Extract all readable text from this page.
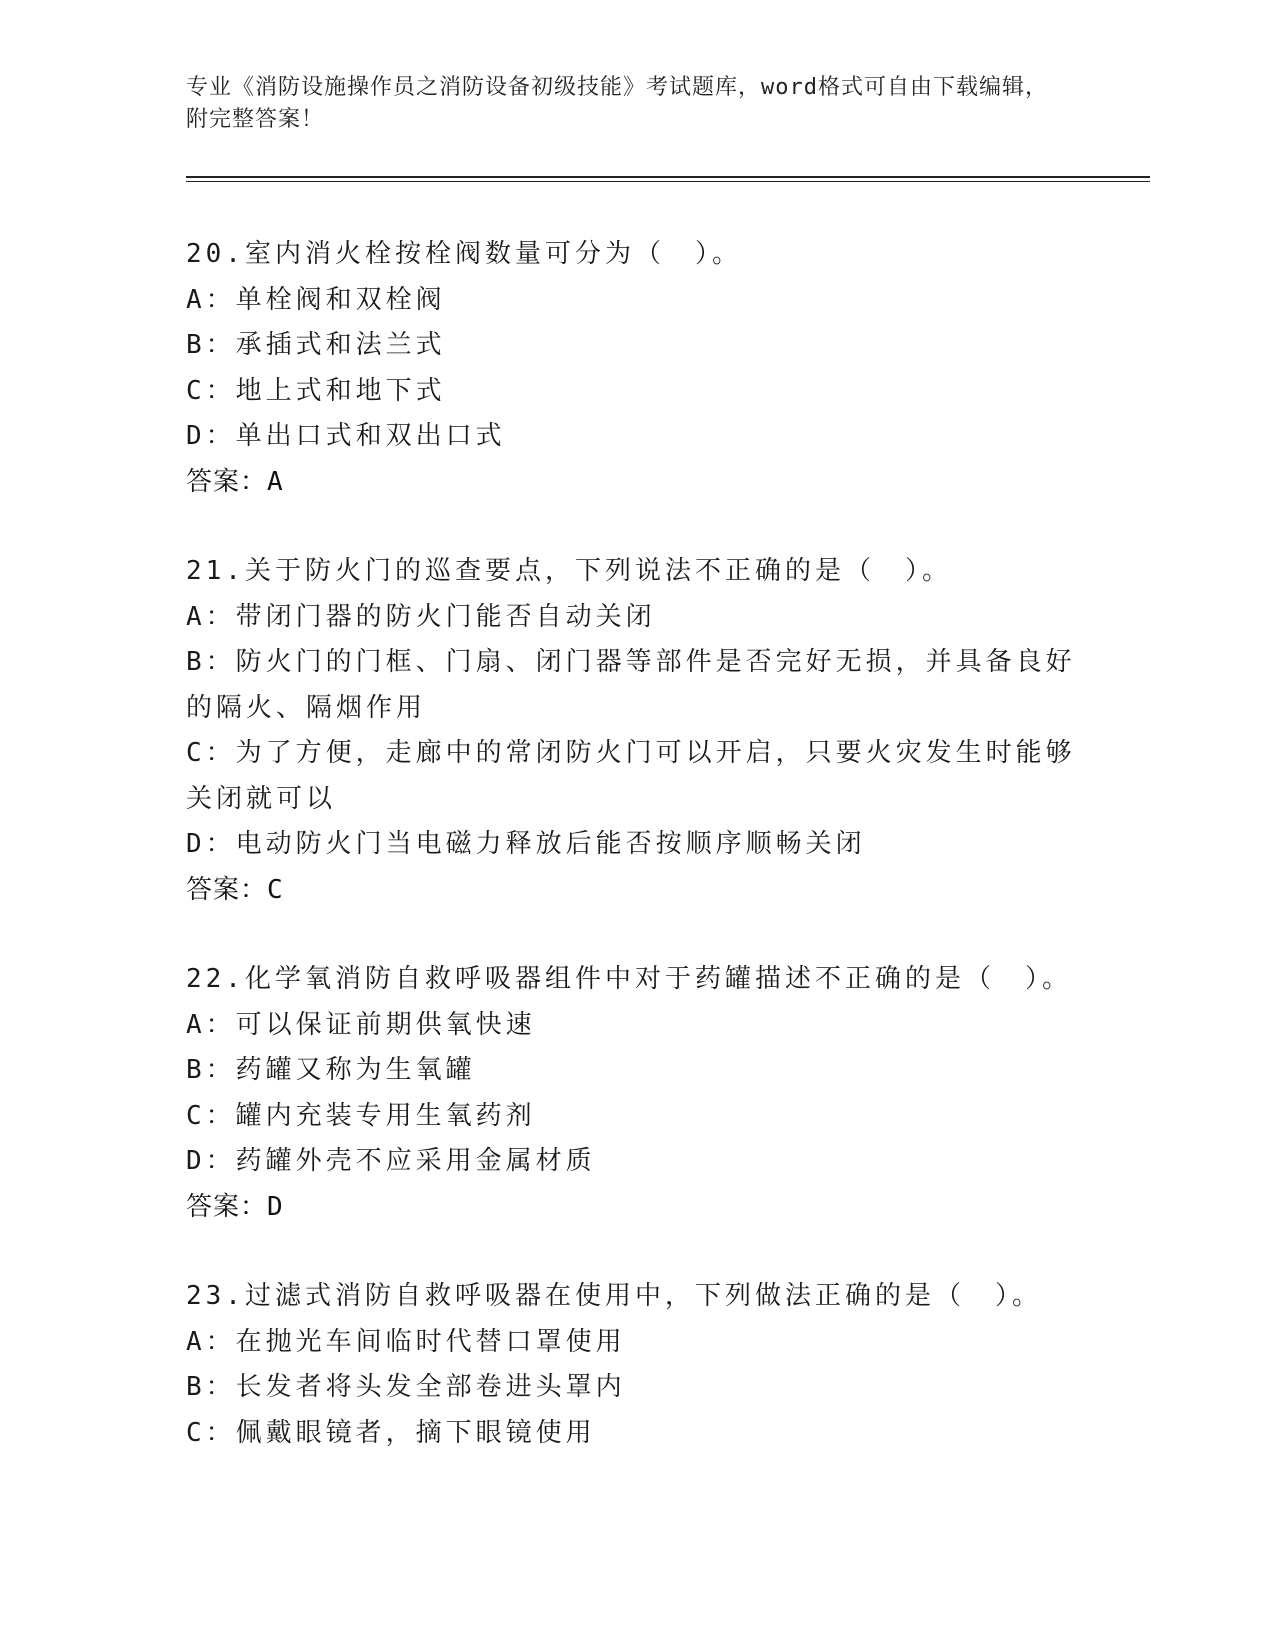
专业《消防设施操作员之消防设备初级技能》考试题库，word格式可自由下载编辑，附完整答案！
20.室内消火栓按栓阀数量可分为（　）。
A：单栓阀和双栓阀
B：承插式和法兰式
C：地上式和地下式
D：单出口式和双出口式
答案：A
21.关于防火门的巡查要点，下列说法不正确的是（　）。
A：带闭门器的防火门能否自动关闭
B：防火门的门框、门扇、闭门器等部件是否完好无损，并具备良好的隔火、隔烟作用
C：为了方便，走廊中的常闭防火门可以开启，只要火灾发生时能够关闭就可以
D：电动防火门当电磁力释放后能否按顺序顺畅关闭
答案：C
22.化学氧消防自救呼吸器组件中对于药罐描述不正确的是（　）。
A：可以保证前期供氧快速
B：药罐又称为生氧罐
C：罐内充装专用生氧药剂
D：药罐外壳不应采用金属材质
答案：D
23.过滤式消防自救呼吸器在使用中，下列做法正确的是（　）。
A：在抛光车间临时代替口罩使用
B：长发者将头发全部卷进头罩内
C：佩戴眼镜者，摘下眼镜使用
